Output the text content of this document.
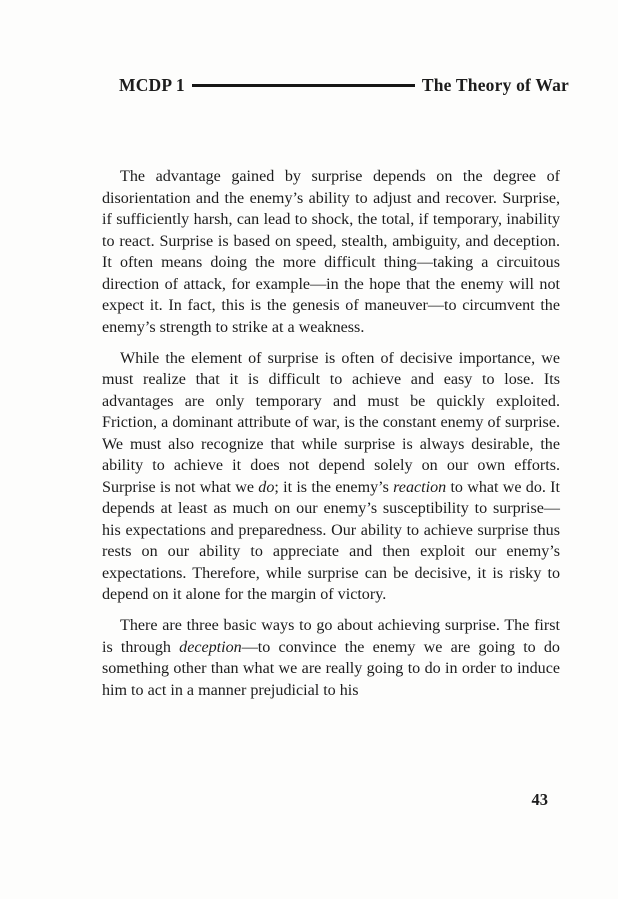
MCDP 1	The Theory of War

The advantage gained by surprise depends on the degree of disorientation and the enemy’s ability to adjust and recover. Surprise, if sufficiently harsh, can lead to shock, the total, if temporary, inability to react. Surprise is based on speed, stealth, ambiguity, and deception. It often means doing the more difficult thing—taking a circuitous direction of attack, for example—in the hope that the enemy will not expect it. In fact, this is the genesis of maneuver—to circumvent the enemy’s strength to strike at a weakness.

While the element of surprise is often of decisive importance, we must realize that it is difficult to achieve and easy to lose. Its advantages are only temporary and must be quickly exploited. Friction, a dominant attribute of war, is the constant enemy of surprise. We must also recognize that while surprise is always desirable, the ability to achieve it does not depend solely on our own efforts. Surprise is not what we do; it is the enemy’s reaction to what we do. It depends at least as much on our enemy’s susceptibility to surprise—his expectations and preparedness. Our ability to achieve surprise thus rests on our ability to appreciate and then exploit our enemy’s expectations. Therefore, while surprise can be decisive, it is risky to depend on it alone for the margin of victory.

There are three basic ways to go about achieving surprise. The first is through deception—to convince the enemy we are going to do something other than what we are really going to do in order to induce him to act in a manner prejudicial to his

43
